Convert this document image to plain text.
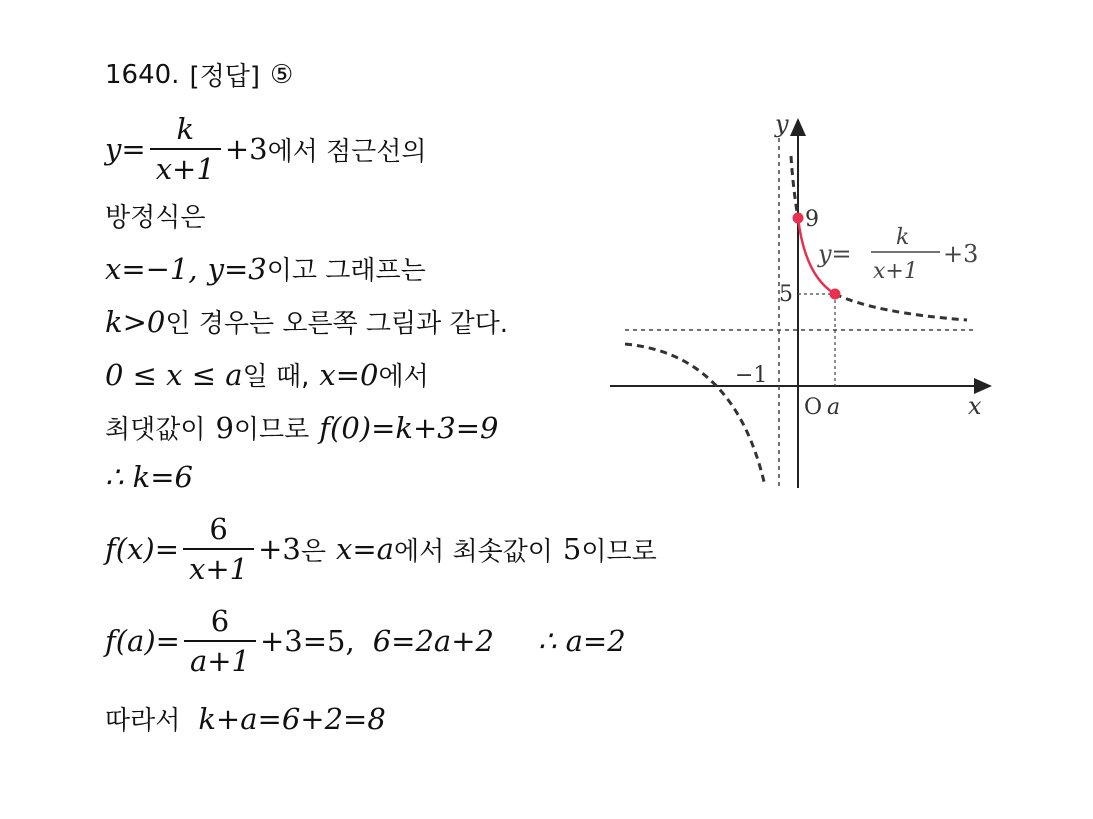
1640. [정답] ⑤
$y = \frac{k}{x+1} +3$ 에서 점근선의
방정식은
x=−1, y=3 이고 그래프는
k>0 인 경우는 오른쪽 그림과 같다.
0 ≤ x ≤ a 일 때, x=0 에서
최댓값이 9 이므로 f(0)=k+3=9
∴ k=6
$f(x)= \frac{6}{x+1} +3$ 은 x=a 에서 최솟값이 5 이므로
$f(a)= \frac{6}{a+1} +3=5$, 6=2a+2 ∴ a=2
따라서 k+a=6+2=8
y
x
O a
9
5
−1
y=
k
x+1
+3
